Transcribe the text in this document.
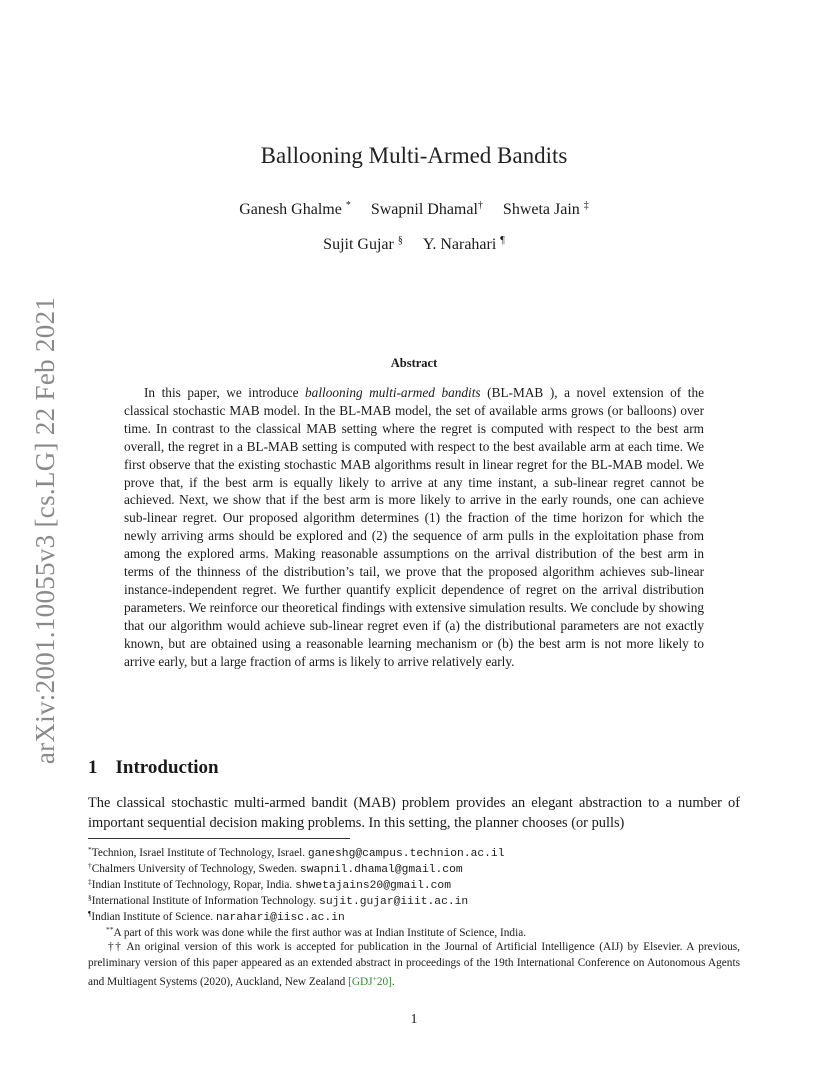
arXiv:2001.10055v3 [cs.LG] 22 Feb 2021
Ballooning Multi-Armed Bandits
Ganesh Ghalme * Swapnil Dhamal† Shweta Jain ‡
Sujit Gujar § Y. Narahari ¶
Abstract

In this paper, we introduce ballooning multi-armed bandits (BL-MAB ), a novel extension of the classical stochastic MAB model. In the BL-MAB model, the set of available arms grows (or balloons) over time. In contrast to the classical MAB setting where the regret is computed with respect to the best arm overall, the regret in a BL-MAB setting is computed with respect to the best available arm at each time. We first observe that the existing stochastic MAB algorithms result in linear regret for the BL-MAB model. We prove that, if the best arm is equally likely to arrive at any time instant, a sub-linear regret cannot be achieved. Next, we show that if the best arm is more likely to arrive in the early rounds, one can achieve sub-linear regret. Our proposed algorithm determines (1) the fraction of the time horizon for which the newly arriving arms should be explored and (2) the sequence of arm pulls in the exploitation phase from among the explored arms. Making reasonable assumptions on the arrival distribution of the best arm in terms of the thinness of the distribution’s tail, we prove that the proposed algorithm achieves sub-linear instance-independent regret. We further quantify explicit dependence of regret on the arrival distribution parameters. We reinforce our theoretical findings with extensive simulation results. We conclude by showing that our algorithm would achieve sub-linear regret even if (a) the distributional parameters are not exactly known, but are obtained using a reasonable learning mechanism or (b) the best arm is not more likely to arrive early, but a large fraction of arms is likely to arrive relatively early.

1 Introduction

The classical stochastic multi-armed bandit (MAB) problem provides an elegant abstraction to a number of important sequential decision making problems. In this setting, the planner chooses (or pulls)

*Technion, Israel Institute of Technology, Israel. ganeshg@campus.technion.ac.il
†Chalmers University of Technology, Sweden. swapnil.dhamal@gmail.com
‡Indian Institute of Technology, Ropar, India. shwetajains20@gmail.com
§International Institute of Information Technology. sujit.gujar@iiit.ac.in
¶Indian Institute of Science. narahari@iisc.ac.in
**A part of this work was done while the first author was at Indian Institute of Science, India.
†† An original version of this work is accepted for publication in the Journal of Artificial Intelligence (AIJ) by Elsevier. A previous, preliminary version of this paper appeared as an extended abstract in proceedings of the 19th International Conference on Autonomous Agents and Multiagent Systems (2020), Auckland, New Zealand [GDJ+20].
1
